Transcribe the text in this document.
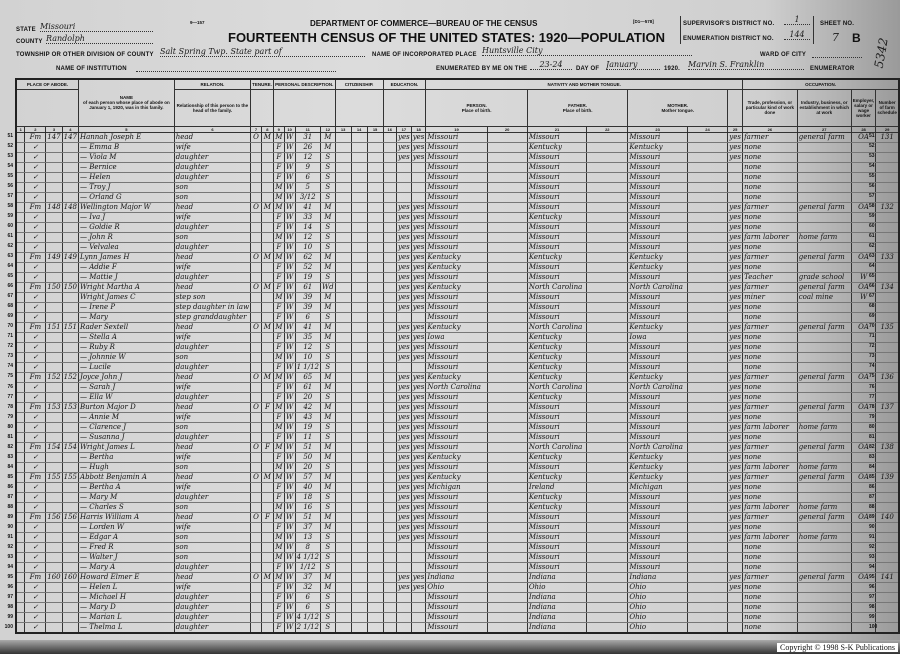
STATE Missouri
COUNTY Randolph
TOWNSHIP OR OTHER DIVISION OF COUNTY Salt Spring Twp. State part of
NAME OF INSTITUTION
9—157	DEPARTMENT OF COMMERCE—BUREAU OF THE CENSUS
FOURTEENTH CENSUS OF THE UNITED STATES: 1920—POPULATION
[D1—578]
NAME OF INCORPORATED PLACE Huntsville City
ENUMERATED BY ME ON THE	23-24	DAY OF January	1920. Marvin S. Franklin	ENUMERATOR
WARD OF CITY
SUPERVISOR'S DISTRICT NO.	1
ENUMERATION DISTRICT NO.	144
SHEET NO.
7 B 5342
PLACE OF ABODE.				NAME
of each person whose place of abode on January 1, 1920, was in this family.	RELATION.	TENURE.		PERSONAL DESCRIPTION.				CITIZENSHIP.			EDUCATION.			NATIVITY AND MOTHER TONGUE.							OCCUPATION.			
					Relationship of this person to the head of the family.													PERSON.
Place of birth.		FATHER.
Place of birth.		MOTHER.
Mother tongue.			Trade, profession, or particular kind of work done	Industry, business, or establishment in which at work	Employer, salary or wage worker	Number of farm schedule
1	2	3	4	5	6	7	8	9	10	11	12	13	14	15	16	17	18	19	20	21	22	23	24	25	26	27	28	29
	Fm	147	147	Hannah Joseph E	head	O	M	M	W	31	M					yes	yes	Missouri		Missouri		Missouri		yes	farmer	general farm	OA	131
	✓			— Emma B	wife			F	W	26	M					yes	yes	Missouri		Kentucky		Kentucky		yes	none			
	✓			— Viola M	daughter			F	W	12	S					yes	yes	Missouri		Missouri		Missouri		yes	none			
	✓			— Bernice	daughter			F	W	9	S							Missouri		Missouri		Missouri			none			
	✓			— Helen	daughter			F	W	6	S							Missouri		Missouri		Missouri			none			
	✓			— Troy J	son			M	W	5	S							Missouri		Missouri		Missouri			none			
	✓			— Orland G	son			M	W	3/12	S							Missouri		Missouri		Missouri			none			
	Fm	148	148	Wellington Major W	head	O	M	M	W	41	M					yes	yes	Missouri		Missouri		Missouri		yes	farmer	general farm	OA	132
	✓			— Iva J	wife			F	W	33	M					yes	yes	Missouri		Kentucky		Missouri		yes	none			
	✓			— Goldie R	daughter			F	W	14	S					yes	yes	Missouri		Missouri		Missouri		yes	none			
	✓			— John R	son			M	W	12	S					yes	yes	Missouri		Missouri		Missouri		yes	farm laborer	home farm		
	✓			— Velvalea	daughter			F	W	10	S					yes	yes	Missouri		Missouri		Missouri		yes	none			
	Fm	149	149	Lynn James H	head	O	M	M	W	62	M					yes	yes	Kentucky		Kentucky		Kentucky		yes	farmer	general farm	OA	133
	✓			— Addie F	wife			F	W	52	M					yes	yes	Kentucky		Missouri		Kentucky		yes	none			
	✓			— Mattie J	daughter			F	W	19	S					yes	yes	Missouri		Missouri		Missouri		yes	Teacher	grade school	W	
	Fm	150	150	Wright Martha A	head	O	M	F	W	61	Wd					yes	yes	Kentucky		North Carolina		North Carolina		yes	farmer	general farm	OA	134
	✓			Wright James C	step son			M	W	39	M					yes	yes	Missouri		Missouri		Missouri		yes	miner	coal mine	W	
	✓			— Irene P	step daughter in law			F	W	39	M					yes	yes	Missouri		Missouri		Missouri		yes	none			
	✓			— Mary	step granddaughter			F	W	6	S							Missouri		Missouri		Missouri			none			
	Fm	151	151	Rader Sextell	head	O	M	M	W	41	M					yes	yes	Kentucky		North Carolina		Kentucky		yes	farmer	general farm	OA	135
	✓			— Stella A	wife			F	W	35	M					yes	yes	Iowa		Kentucky		Iowa		yes	none			
	✓			— Ruby R	daughter			F	W	12	S					yes	yes	Missouri		Kentucky		Missouri		yes	none			
	✓			— Johnnie W	son			M	W	10	S					yes	yes	Missouri		Kentucky		Missouri		yes	none			
	✓			— Lucile	daughter			F	W	1 1/12	S							Missouri		Kentucky		Missouri			none			
	Fm	152	152	Joyce John J	head	O	M	M	W	65	M					yes	yes	Kentucky		Kentucky		Kentucky		yes	farmer	general farm	OA	136
	✓			— Sarah J	wife			F	W	61	M					yes	yes	North Carolina		North Carolina		North Carolina		yes	none			
	✓			— Ella W	daughter			F	W	20	S					yes	yes	Missouri		Kentucky		Missouri		yes	none			
	Fm	153	153	Burton Major D	head	O	F	M	W	42	M					yes	yes	Missouri		Missouri		Missouri		yes	farmer	general farm	OA	137
	✓			— Annie M	wife			F	W	43	M					yes	yes	Missouri		Missouri		Missouri		yes	none			
	✓			— Clarence J	son			M	W	19	S					yes	yes	Missouri		Missouri		Missouri		yes	farm laborer	home farm		
	✓			— Susanna J	daughter			F	W	11	S					yes	yes	Missouri		Missouri		Missouri		yes	none			
	Fm	154	154	Wright James L	head	O	F	M	W	51	M					yes	yes	Missouri		North Carolina		North Carolina		yes	farmer	general farm	OA	138
	✓			— Bertha	wife			F	W	50	M					yes	yes	Kentucky		Kentucky		Kentucky		yes	none			
	✓			— Hugh	son			M	W	20	S					yes	yes	Missouri		Missouri		Kentucky		yes	farm laborer	home farm		
	Fm	155	155	Abbott Benjamin A	head	O	M	M	W	57	M					yes	yes	Kentucky		Kentucky		Kentucky		yes	farmer	general farm	OA	139
	✓			— Bertha A	wife			F	W	40	M					yes	yes	Michigan		Ireland		Michigan		yes	none			
	✓			— Mary M	daughter			F	W	18	S					yes	yes	Missouri		Kentucky		Missouri		yes	none			
	✓			— Charles S	son			M	W	16	S					yes	yes	Missouri		Kentucky		Missouri		yes	farm laborer	home farm		
	Fm	156	156	Harris William A	head	O	F	M	W	51	M					yes	yes	Missouri		Missouri		Missouri		yes	farmer	general farm	OA	140
	✓			— Lorden W	wife			F	W	37	M					yes	yes	Missouri		Missouri		Missouri		yes	none			
	✓			— Edgar A	son			M	W	13	S					yes	yes	Missouri		Missouri		Missouri		yes	farm laborer	home farm		
	✓			— Fred R	son			M	W	8	S							Missouri		Missouri		Missouri			none			
	✓			— Walter J	son			M	W	4 1/12	S							Missouri		Missouri		Missouri			none			
	✓			— Mary A	daughter			F	W	1/12	S							Missouri		Missouri		Missouri			none			
	Fm	160	160	Howard Elmer E	head	O	M	M	W	37	M					yes	yes	Indiana		Indiana		Indiana		yes	farmer	general farm	OA	141
	✓			— Helen L	wife			F	W	32	M					yes	yes	Ohio		Ohio		Ohio		yes	none			
	✓			— Michael H	daughter			F	W	6	S							Missouri		Indiana		Ohio			none			
	✓			— Mary D	daughter			F	W	6	S							Missouri		Indiana		Ohio			none			
	✓			— Marian L	daughter			F	W	4 1/12	S							Missouri		Indiana		Ohio			none			
	✓			— Thelma L	daughter			F	W	2 1/12	S							Missouri		Indiana		Ohio			none			
51	51
52	52
53	53
54	54
55	55
56	56
57	57
58	58
59	59
60	60
61	61
62	62
63	63
64	64
65	65
66	66
67	67
68	68
69	69
70	70
71	71
72	72
73	73
74	74
75	75
76	76
77	77
78	78
79	79
80	80
81	81
82	82
83	83
84	84
85	85
86	86
87	87
88	88
89	89
90	90
91	91
92	92
93	93
94	94
95	95
96	96
97	97
98	98
99	99
100	100
Copyright © 1998 S-K Publications
